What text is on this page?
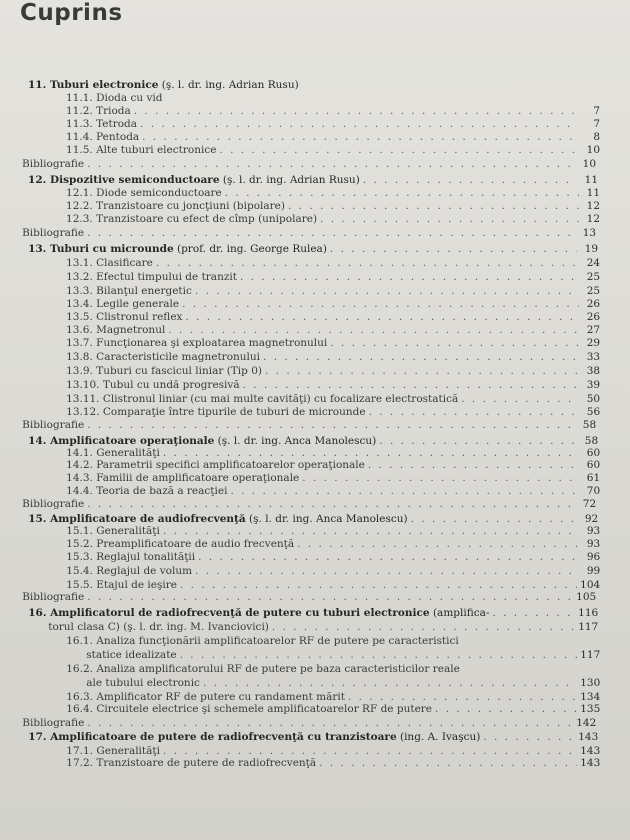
Cuprins
11. Tuburi electronice (ş. l. dr. ing. Adrian Rusu)
11.1. Dioda cu vid
11.2. Trioda . . .	7
11.3. Tetroda . . .	7
11.4. Pentoda . . .	8
11.5. Alte tuburi electronice . . .	10
Bibliografie . . .	10
12. Dispozitive semiconductoare (ş. l. dr. ing. Adrian Rusu) . . .	11
12.1. Diode semiconductoare . . .	11
12.2. Tranzistoare cu joncţiuni (bipolare) . . .	12
12.3. Tranzistoare cu efect de cîmp (unipolare) . . .	12
Bibliografie . . .	13
13. Tuburi cu microunde (prof. dr. ing. George Rulea) . . .	19
13.1. Clasificare . . .	24
13.2. Efectul timpului de tranzit . . .	25
13.3. Bilanţul energetic . . .	25
13.4. Legile generale . . .	26
13.5. Clistronul reflex . . .	26
13.6. Magnetronul . . .	27
13.7. Funcţionarea şi exploatarea magnetronului . . .	29
13.8. Caracteristicile magnetronului . . .	33
13.9. Tuburi cu fascicul liniar (Tip 0) . . .	38
13.10. Tubul cu undă progresivă . . .	39
13.11. Clistronul liniar (cu mai multe cavităţi) cu focalizare electrostatică . . .	50
13.12. Comparaţie între tipurile de tuburi de microunde . . .	56
Bibliografie . . .	58
14. Amplificatoare operaţionale (ş. l. dr. ing. Anca Manolescu) . . .	58
14.1. Generalităţi . . .	60
14.2. Parametrii specifici amplificatoarelor operaţionale . . .	60
14.3. Familii de amplificatoare operaţionale . . .	61
14.4. Teoria de bază a reacţiei . . .	70
Bibliografie . . .	72
15. Amplificatoare de audiofrecvenţă (ş. l. dr. ing. Anca Manolescu) . . .	92
15.1. Generalităţi . . .	93
15.2. Preamplificatoare de audio frecvenţă . . .	93
15.3. Reglajul tonalităţii . . .	96
15.4. Reglajul de volum . . .	99
15.5. Etajul de ieşire . . .	104
Bibliografie . . .	105
16. Amplificatorul de radiofrecvenţă de putere cu tuburi electronice (amplifica- . . .	116
torul clasa C) (ş. l. dr. ing. M. Ivanciovici) . . .	117
16.1. Analiza funcţionării amplificatoarelor RF de putere pe caracteristici
statice idealizate . . .	117
16.2. Analiza amplificatorului RF de putere pe baza caracteristicilor reale
ale tubului electronic . . .	130
16.3. Amplificator RF de putere cu randament mărit . . .	134
16.4. Circuitele electrice şi schemele amplificatoarelor RF de putere . . .	135
Bibliografie . . .	142
17. Amplificatoare de putere de radiofrecvenţă cu tranzistoare (ing. A. Ivaşcu) . . .	143
17.1. Generalităţi . . .	143
17.2. Tranzistoare de putere de radiofrecvenţă . . .	143
